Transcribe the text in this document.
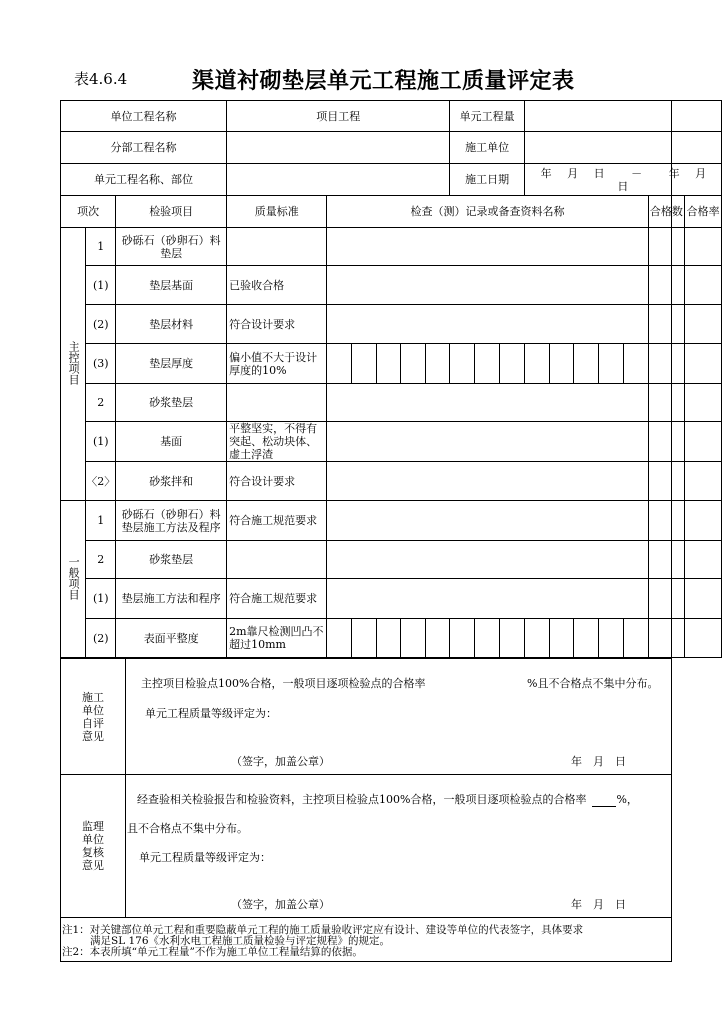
表4.6.4	渠道衬砌垫层单元工程施工质量评定表
单位工程名称			项目工程						单元工程量									
分部工程名称									施工单位									
单元工程名称、部位									施工日期			年 月 日 － 年 月 日						
项次		检验项目	质量标准	检查（测）记录或备查资料名称													合格数	合格率
主控项目	1	砂砾石（砂卵石）料垫层																
	(1)	垫层基面	已验收合格															
	(2)	垫层材料	符合设计要求															
	(3)	垫层厚度	偏小值不大于设计厚度的10%															
	2	砂浆垫层																
	(1)	基面	平整坚实，不得有突起、松动块体、虚土浮渣															
	〈2〉	砂浆拌和	符合设计要求															
一般项目	1	砂砾石（砂卵石）料垫层施工方法及程序	符合施工规范要求															
	2	砂浆垫层																
	(1)	垫层施工方法和程序	符合施工规范要求															
	(2)	表面平整度	2m靠尺检测凹凸不超过10mm															
施工单位自评意见
主控项目检验点100%合格，一般项目逐项检验点的合格率	%且不合格点不集中分布。
单元工程质量等级评定为：
（签字，加盖公章）	年　月　日
监理单位复核意见
经查验相关检验报告和检验资料，主控项目检验点100%合格，一般项目逐项检验点的合格率	%，
且不合格点不集中分布。
单元工程质量等级评定为：
（签字，加盖公章）	年　月　日
注1：对关键部位单元工程和重要隐蔽单元工程的施工质量验收评定应有设计、建设等单位的代表签字，具体要求
满足SL 176《水利水电工程施工质量检验与评定规程》的规定。
注2：本表所填“单元工程量”不作为施工单位工程量结算的依据。
